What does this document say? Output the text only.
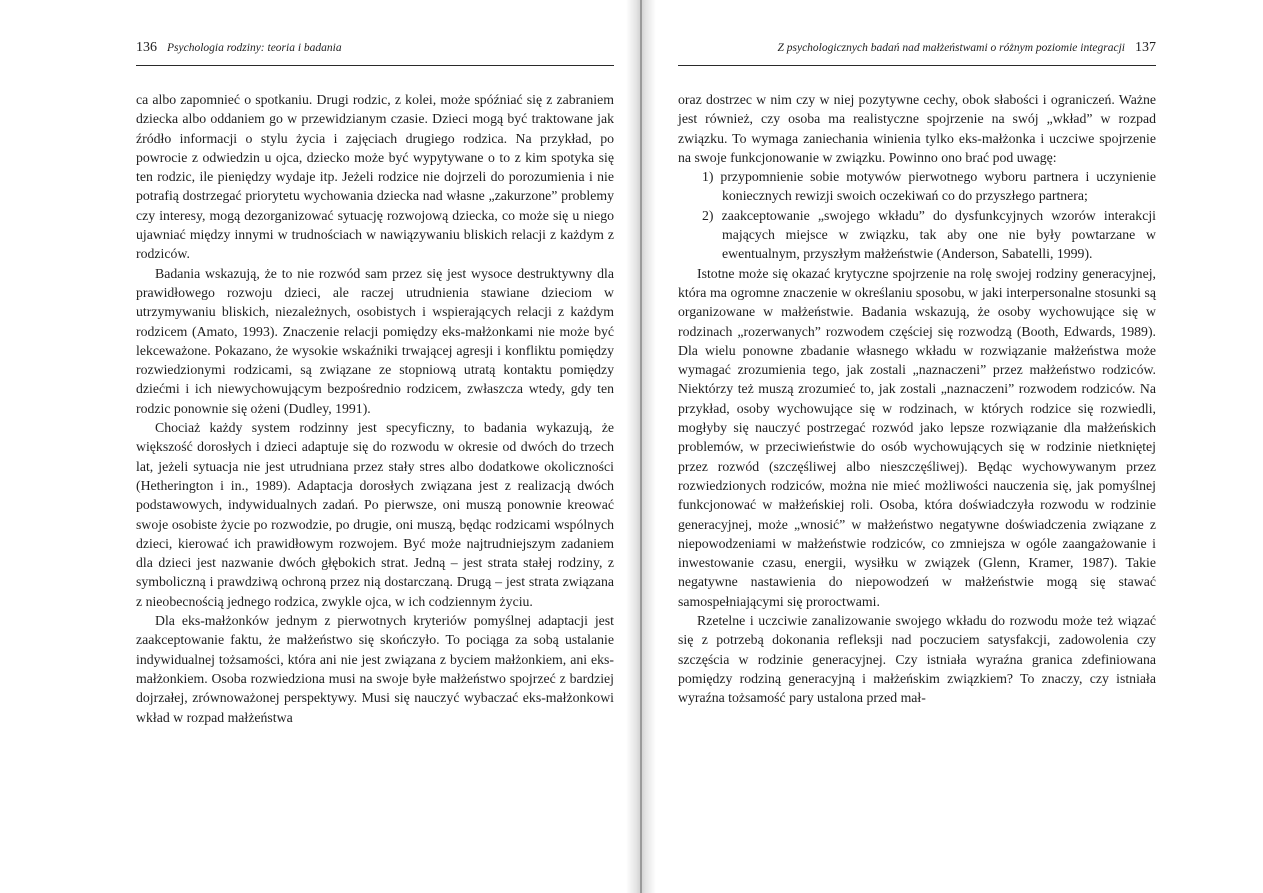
136 Psychologia rodziny: teoria i badania

ca albo zapomnieć o spotkaniu. Drugi rodzic, z kolei, może spóźniać się z zabraniem dziecka albo oddaniem go w przewidzianym czasie. Dzieci mogą być traktowane jak źródło informacji o stylu życia i zajęciach drugiego rodzica. Na przykład, po powrocie z odwiedzin u ojca, dziecko może być wypytywane o to z kim spotyka się ten rodzic, ile pieniędzy wydaje itp. Jeżeli rodzice nie dojrzeli do porozumienia i nie potrafią dostrzegać priorytetu wychowania dziecka nad własne „zakurzone” problemy czy interesy, mogą dezorganizować sytuację rozwojową dziecka, co może się u niego ujawniać między innymi w trudnościach w nawiązywaniu bliskich relacji z każdym z rodziców.

Badania wskazują, że to nie rozwód sam przez się jest wysoce destruktywny dla prawidłowego rozwoju dzieci, ale raczej utrudnienia stawiane dzieciom w utrzymywaniu bliskich, niezależnych, osobistych i wspierających relacji z każdym rodzicem (Amato, 1993). Znaczenie relacji pomiędzy eks-małżonkami nie może być lekceważone. Pokazano, że wysokie wskaźniki trwającej agresji i konfliktu pomiędzy rozwiedzionymi rodzicami, są związane ze stopniową utratą kontaktu pomiędzy dziećmi i ich niewychowującym bezpośrednio rodzicem, zwłaszcza wtedy, gdy ten rodzic ponownie się ożeni (Dudley, 1991).

Chociaż każdy system rodzinny jest specyficzny, to badania wykazują, że większość dorosłych i dzieci adaptuje się do rozwodu w okresie od dwóch do trzech lat, jeżeli sytuacja nie jest utrudniana przez stały stres albo dodatkowe okoliczności (Hetherington i in., 1989). Adaptacja dorosłych związana jest z realizacją dwóch podstawowych, indywidualnych zadań. Po pierwsze, oni muszą ponownie kreować swoje osobiste życie po rozwodzie, po drugie, oni muszą, będąc rodzicami wspólnych dzieci, kierować ich prawidłowym rozwojem. Być może najtrudniejszym zadaniem dla dzieci jest nazwanie dwóch głębokich strat. Jedną – jest strata stałej rodziny, z symboliczną i prawdziwą ochroną przez nią dostarczaną. Drugą – jest strata związana z nieobecnością jednego rodzica, zwykle ojca, w ich codziennym życiu.

Dla eks-małżonków jednym z pierwotnych kryteriów pomyślnej adaptacji jest zaakceptowanie faktu, że małżeństwo się skończyło. To pociąga za sobą ustalanie indywidualnej tożsamości, która ani nie jest związana z byciem małżonkiem, ani eks-małżonkiem. Osoba rozwiedziona musi na swoje byłe małżeństwo spojrzeć z bardziej dojrzałej, zrównoważonej perspektywy. Musi się nauczyć wybaczać eks-małżonkowi wkład w rozpad małżeństwa

Z psychologicznych badań nad małżeństwami o różnym poziomie integracji 137

oraz dostrzec w nim czy w niej pozytywne cechy, obok słabości i ograniczeń. Ważne jest również, czy osoba ma realistyczne spojrzenie na swój „wkład” w rozpad związku. To wymaga zaniechania winienia tylko eks-małżonka i uczciwe spojrzenie na swoje funkcjonowanie w związku. Powinno ono brać pod uwagę:

1) przypomnienie sobie motywów pierwotnego wyboru partnera i uczynienie koniecznych rewizji swoich oczekiwań co do przyszłego partnera;
2) zaakceptowanie „swojego wkładu” do dysfunkcyjnych wzorów interakcji mających miejsce w związku, tak aby one nie były powtarzane w ewentualnym, przyszłym małżeństwie (Anderson, Sabatelli, 1999).

Istotne może się okazać krytyczne spojrzenie na rolę swojej rodziny generacyjnej, która ma ogromne znaczenie w określaniu sposobu, w jaki interpersonalne stosunki są organizowane w małżeństwie. Badania wskazują, że osoby wychowujące się w rodzinach „rozerwanych” rozwodem częściej się rozwodzą (Booth, Edwards, 1989). Dla wielu ponowne zbadanie własnego wkładu w rozwiązanie małżeństwa może wymagać zrozumienia tego, jak zostali „naznaczeni” przez małżeństwo rodziców. Niektórzy też muszą zrozumieć to, jak zostali „naznaczeni” rozwodem rodziców. Na przykład, osoby wychowujące się w rodzinach, w których rodzice się rozwiedli, mogłyby się nauczyć postrzegać rozwód jako lepsze rozwiązanie dla małżeńskich problemów, w przeciwieństwie do osób wychowujących się w rodzinie nietkniętej przez rozwód (szczęśliwej albo nieszczęśliwej). Będąc wychowywanym przez rozwiedzionych rodziców, można nie mieć możliwości nauczenia się, jak pomyślnej funkcjonować w małżeńskiej roli. Osoba, która doświadczyła rozwodu w rodzinie generacyjnej, może „wnosić” w małżeństwo negatywne doświadczenia związane z niepowodzeniami w małżeństwie rodziców, co zmniejsza w ogóle zaangażowanie i inwestowanie czasu, energii, wysiłku w związek (Glenn, Kramer, 1987). Takie negatywne nastawienia do niepowodzeń w małżeństwie mogą się stawać samospełniającymi się proroctwami.

Rzetelne i uczciwie zanalizowanie swojego wkładu do rozwodu może też wiązać się z potrzebą dokonania refleksji nad poczuciem satysfakcji, zadowolenia czy szczęścia w rodzinie generacyjnej. Czy istniała wyraźna granica zdefiniowana pomiędzy rodziną generacyjną i małżeńskim związkiem? To znaczy, czy istniała wyraźna tożsamość pary ustalona przed mał-
